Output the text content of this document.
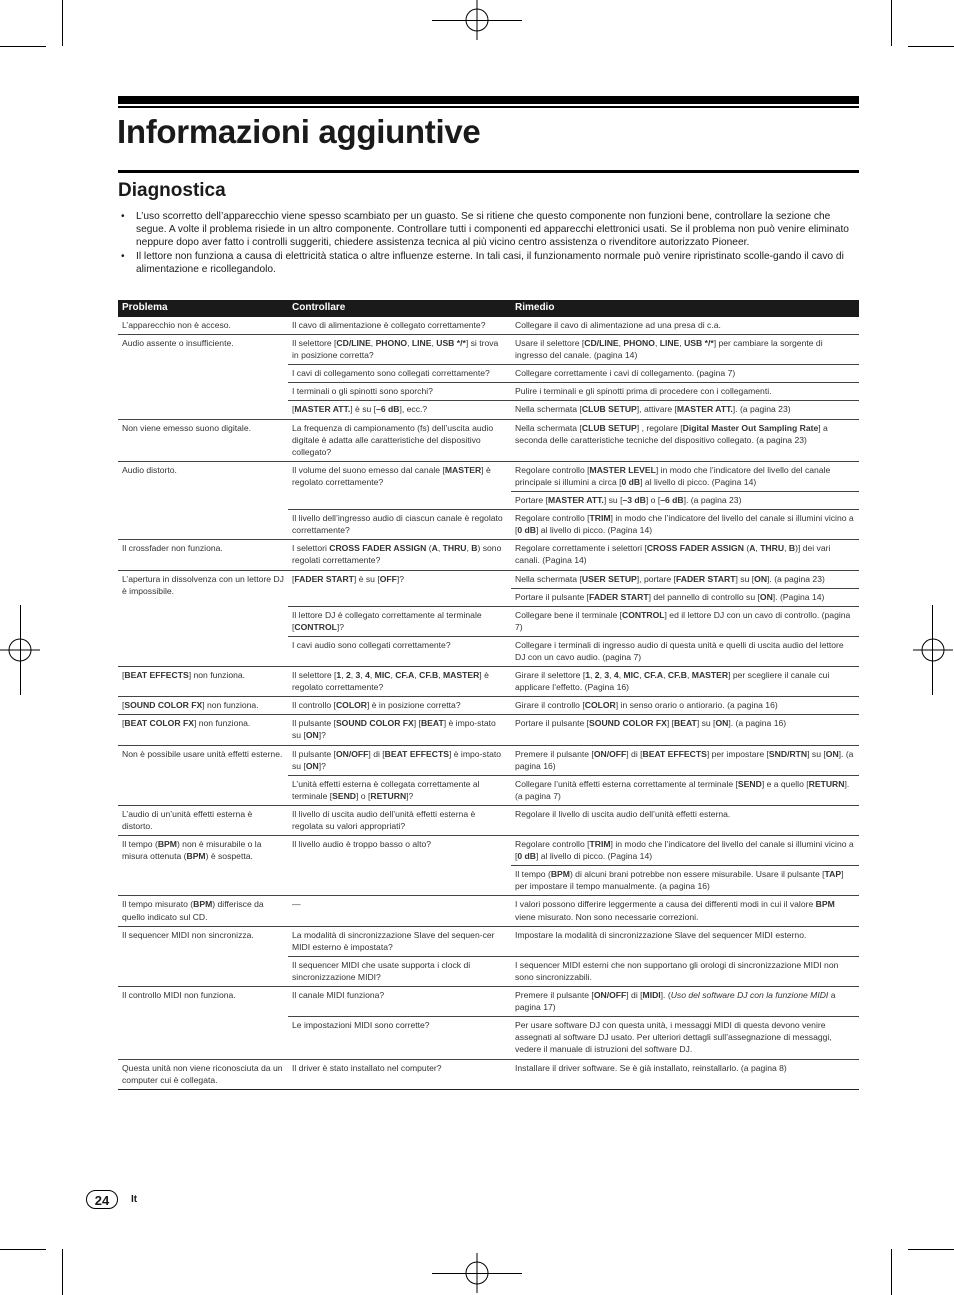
Informazioni aggiuntive
Diagnostica
• L’uso scorretto dell’apparecchio viene spesso scambiato per un guasto. Se si ritiene che questo componente non funzioni bene, controllare la sezione che segue. A volte il problema risiede in un altro componente. Controllare tutti i componenti ed apparecchi elettronici usati. Se il problema non può venire eliminato neppure dopo aver fatto i controlli suggeriti, chiedere assistenza tecnica al più vicino centro assistenza o rivenditore autorizzato Pioneer.
• Il lettore non funziona a causa di elettricità statica o altre influenze esterne. In tali casi, il funzionamento normale può venire ripristinato scolle-gando il cavo di alimentazione e ricollegandolo.
Problema	Controllare	Rimedio
L’apparecchio non è acceso.	Il cavo di alimentazione è collegato correttamente?	Collegare il cavo di alimentazione ad una presa di c.a.
Audio assente o insufficiente.	Il selettore [CD/LINE, PHONO, LINE, USB */*] si trova in posizione corretta?	Usare il selettore [CD/LINE, PHONO, LINE, USB */*] per cambiare la sorgente di ingresso del canale. (pagina 14)
	I cavi di collegamento sono collegati correttamente?	Collegare correttamente i cavi di collegamento. (pagina 7)
	I terminali o gli spinotti sono sporchi?	Pulire i terminali e gli spinotti prima di procedere con i collegamenti.
	[MASTER ATT.] è su [–6 dB], ecc.?	Nella schermata [CLUB SETUP], attivare [MASTER ATT.]. (a pagina 23)
Non viene emesso suono digitale.	La frequenza di campionamento (fs) dell’uscita audio digitale è adatta alle caratteristiche del dispositivo collegato?	Nella schermata [CLUB SETUP] , regolare [Digital Master Out Sampling Rate] a seconda delle caratteristiche tecniche del dispositivo collegato. (a pagina 23)
Audio distorto.	Il volume del suono emesso dal canale [MASTER] è regolato correttamente?	Regolare controllo [MASTER LEVEL] in modo che l’indicatore del livello del canale principale si illumini a circa [0 dB] al livello di picco. (Pagina 14)
		Portare [MASTER ATT.] su [–3 dB] o [–6 dB]. (a pagina 23)
	Il livello dell’ingresso audio di ciascun canale è regolato correttamente?	Regolare controllo [TRIM] in modo che l’indicatore del livello del canale si illumini vicino a [0 dB] al livello di picco. (Pagina 14)
Il crossfader non funziona.	I selettori CROSS FADER ASSIGN (A, THRU, B) sono regolati correttamente?	Regolare correttamente i selettori [CROSS FADER ASSIGN (A, THRU, B)] dei vari canali. (Pagina 14)
L’apertura in dissolvenza con un lettore DJ è impossibile.	[FADER START] è su [OFF]?	Nella schermata [USER SETUP], portare [FADER START] su [ON]. (a pagina 23)
		Portare il pulsante [FADER START] del pannello di controllo su [ON]. (Pagina 14)
	Il lettore DJ è collegato correttamente al terminale [CONTROL]?	Collegare bene il terminale [CONTROL] ed il lettore DJ con un cavo di controllo. (pagina 7)
	I cavi audio sono collegati correttamente?	Collegare i terminali di ingresso audio di questa unità e quelli di uscita audio del lettore DJ con un cavo audio. (pagina 7)
[BEAT EFFECTS] non funziona.	Il selettore [1, 2, 3, 4, MIC, CF.A, CF.B, MASTER] è regolato correttamente?	Girare il selettore [1, 2, 3, 4, MIC, CF.A, CF.B, MASTER] per scegliere il canale cui applicare l’effetto. (Pagina 16)
[SOUND COLOR FX] non funziona.	Il controllo [COLOR] è in posizione corretta?	Girare il controllo [COLOR] in senso orario o antiorario. (a pagina 16)
[BEAT COLOR FX] non funziona.	Il pulsante [SOUND COLOR FX] [BEAT] è impo-stato su [ON]?	Portare il pulsante [SOUND COLOR FX] [BEAT] su [ON]. (a pagina 16)
Non è possibile usare unità effetti esterne.	Il pulsante [ON/OFF] di [BEAT EFFECTS] è impo-stato su [ON]?	Premere il pulsante [ON/OFF] di [BEAT EFFECTS] per impostare [SND/RTN] su [ON]. (a pagina 16)
	L’unità effetti esterna è collegata correttamente al terminale [SEND] o [RETURN]?	Collegare l’unità effetti esterna correttamente al terminale [SEND] e a quello [RETURN]. (a pagina 7)
L’audio di un’unità effetti esterna è distorto.	Il livello di uscita audio dell’unità effetti esterna è regolata su valori appropriati?	Regolare il livello di uscita audio dell’unità effetti esterna.
Il tempo (BPM) non è misurabile o la misura ottenuta (BPM) è sospetta.	Il livello audio è troppo basso o alto?	Regolare controllo [TRIM] in modo che l’indicatore del livello del canale si illumini vicino a [0 dB] al livello di picco. (Pagina 14)
		Il tempo (BPM) di alcuni brani potrebbe non essere misurabile. Usare il pulsante [TAP] per impostare il tempo manualmente. (a pagina 16)
Il tempo misurato (BPM) differisce da quello indicato sul CD.	—	I valori possono differire leggermente a causa dei differenti modi in cui il valore BPM viene misurato. Non sono necessarie correzioni.
Il sequencer MIDI non sincronizza.	La modalità di sincronizzazione Slave del sequen-cer MIDI esterno è impostata?	Impostare la modalità di sincronizzazione Slave del sequencer MIDI esterno.
	Il sequencer MIDI che usate supporta i clock di sincronizzazione MIDI?	I sequencer MIDI esterni che non supportano gli orologi di sincronizzazione MIDI non sono sincronizzabili.
Il controllo MIDI non funziona.	Il canale MIDI funziona?	Premere il pulsante [ON/OFF] di [MIDI]. (Uso del software DJ con la funzione MIDI a pagina 17)
	Le impostazioni MIDI sono corrette?	Per usare software DJ con questa unità, i messaggi MIDI di questa devono venire assegnati al software DJ usato. Per ulteriori dettagli sull’assegnazione di messaggi, vedere il manuale di istruzioni del software DJ.
Questa unità non viene riconosciuta da un computer cui è collegata.	Il driver è stato installato nel computer?	Installare il driver software. Se è già installato, reinstallarlo. (a pagina 8)
24	It
